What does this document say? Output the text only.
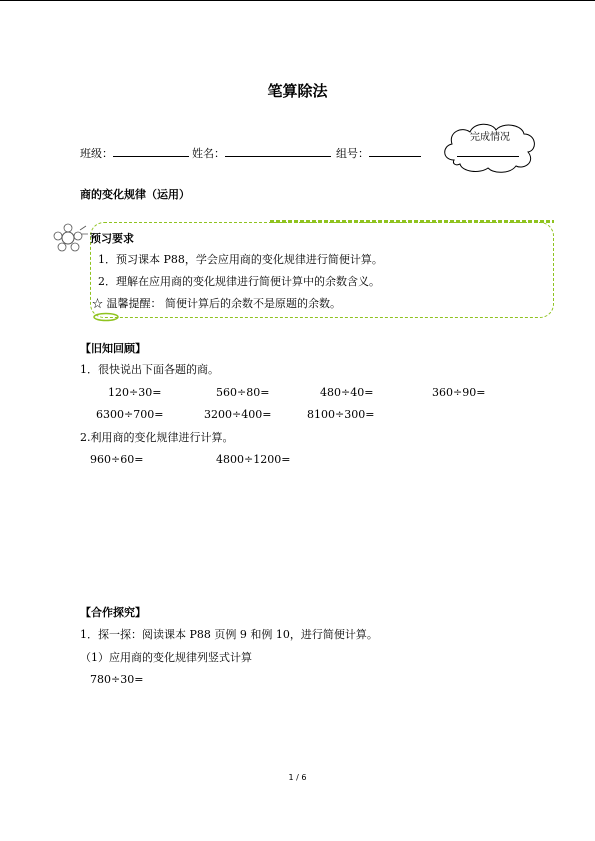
笔算除法
班级：	姓名：	组号：
完成情况
商的变化规律（运用）
预习要求
1．预习课本 P88，学会应用商的变化规律进行简便计算。
2．理解在应用商的变化规律进行简便计算中的余数含义。
☆ 温馨提醒： 简便计算后的余数不是原题的余数。
【旧知回顾】
1．很快说出下面各题的商。
120÷30=	560÷80=	480÷40=	360÷90=
6300÷700=	3200÷400=	8100÷300=
2.利用商的变化规律进行计算。
960÷60=	4800÷1200=
【合作探究】
1．探一探：阅读课本 P88 页例 9 和例 10，进行简便计算。
（1）应用商的变化规律列竖式计算
780÷30=
1 / 6
